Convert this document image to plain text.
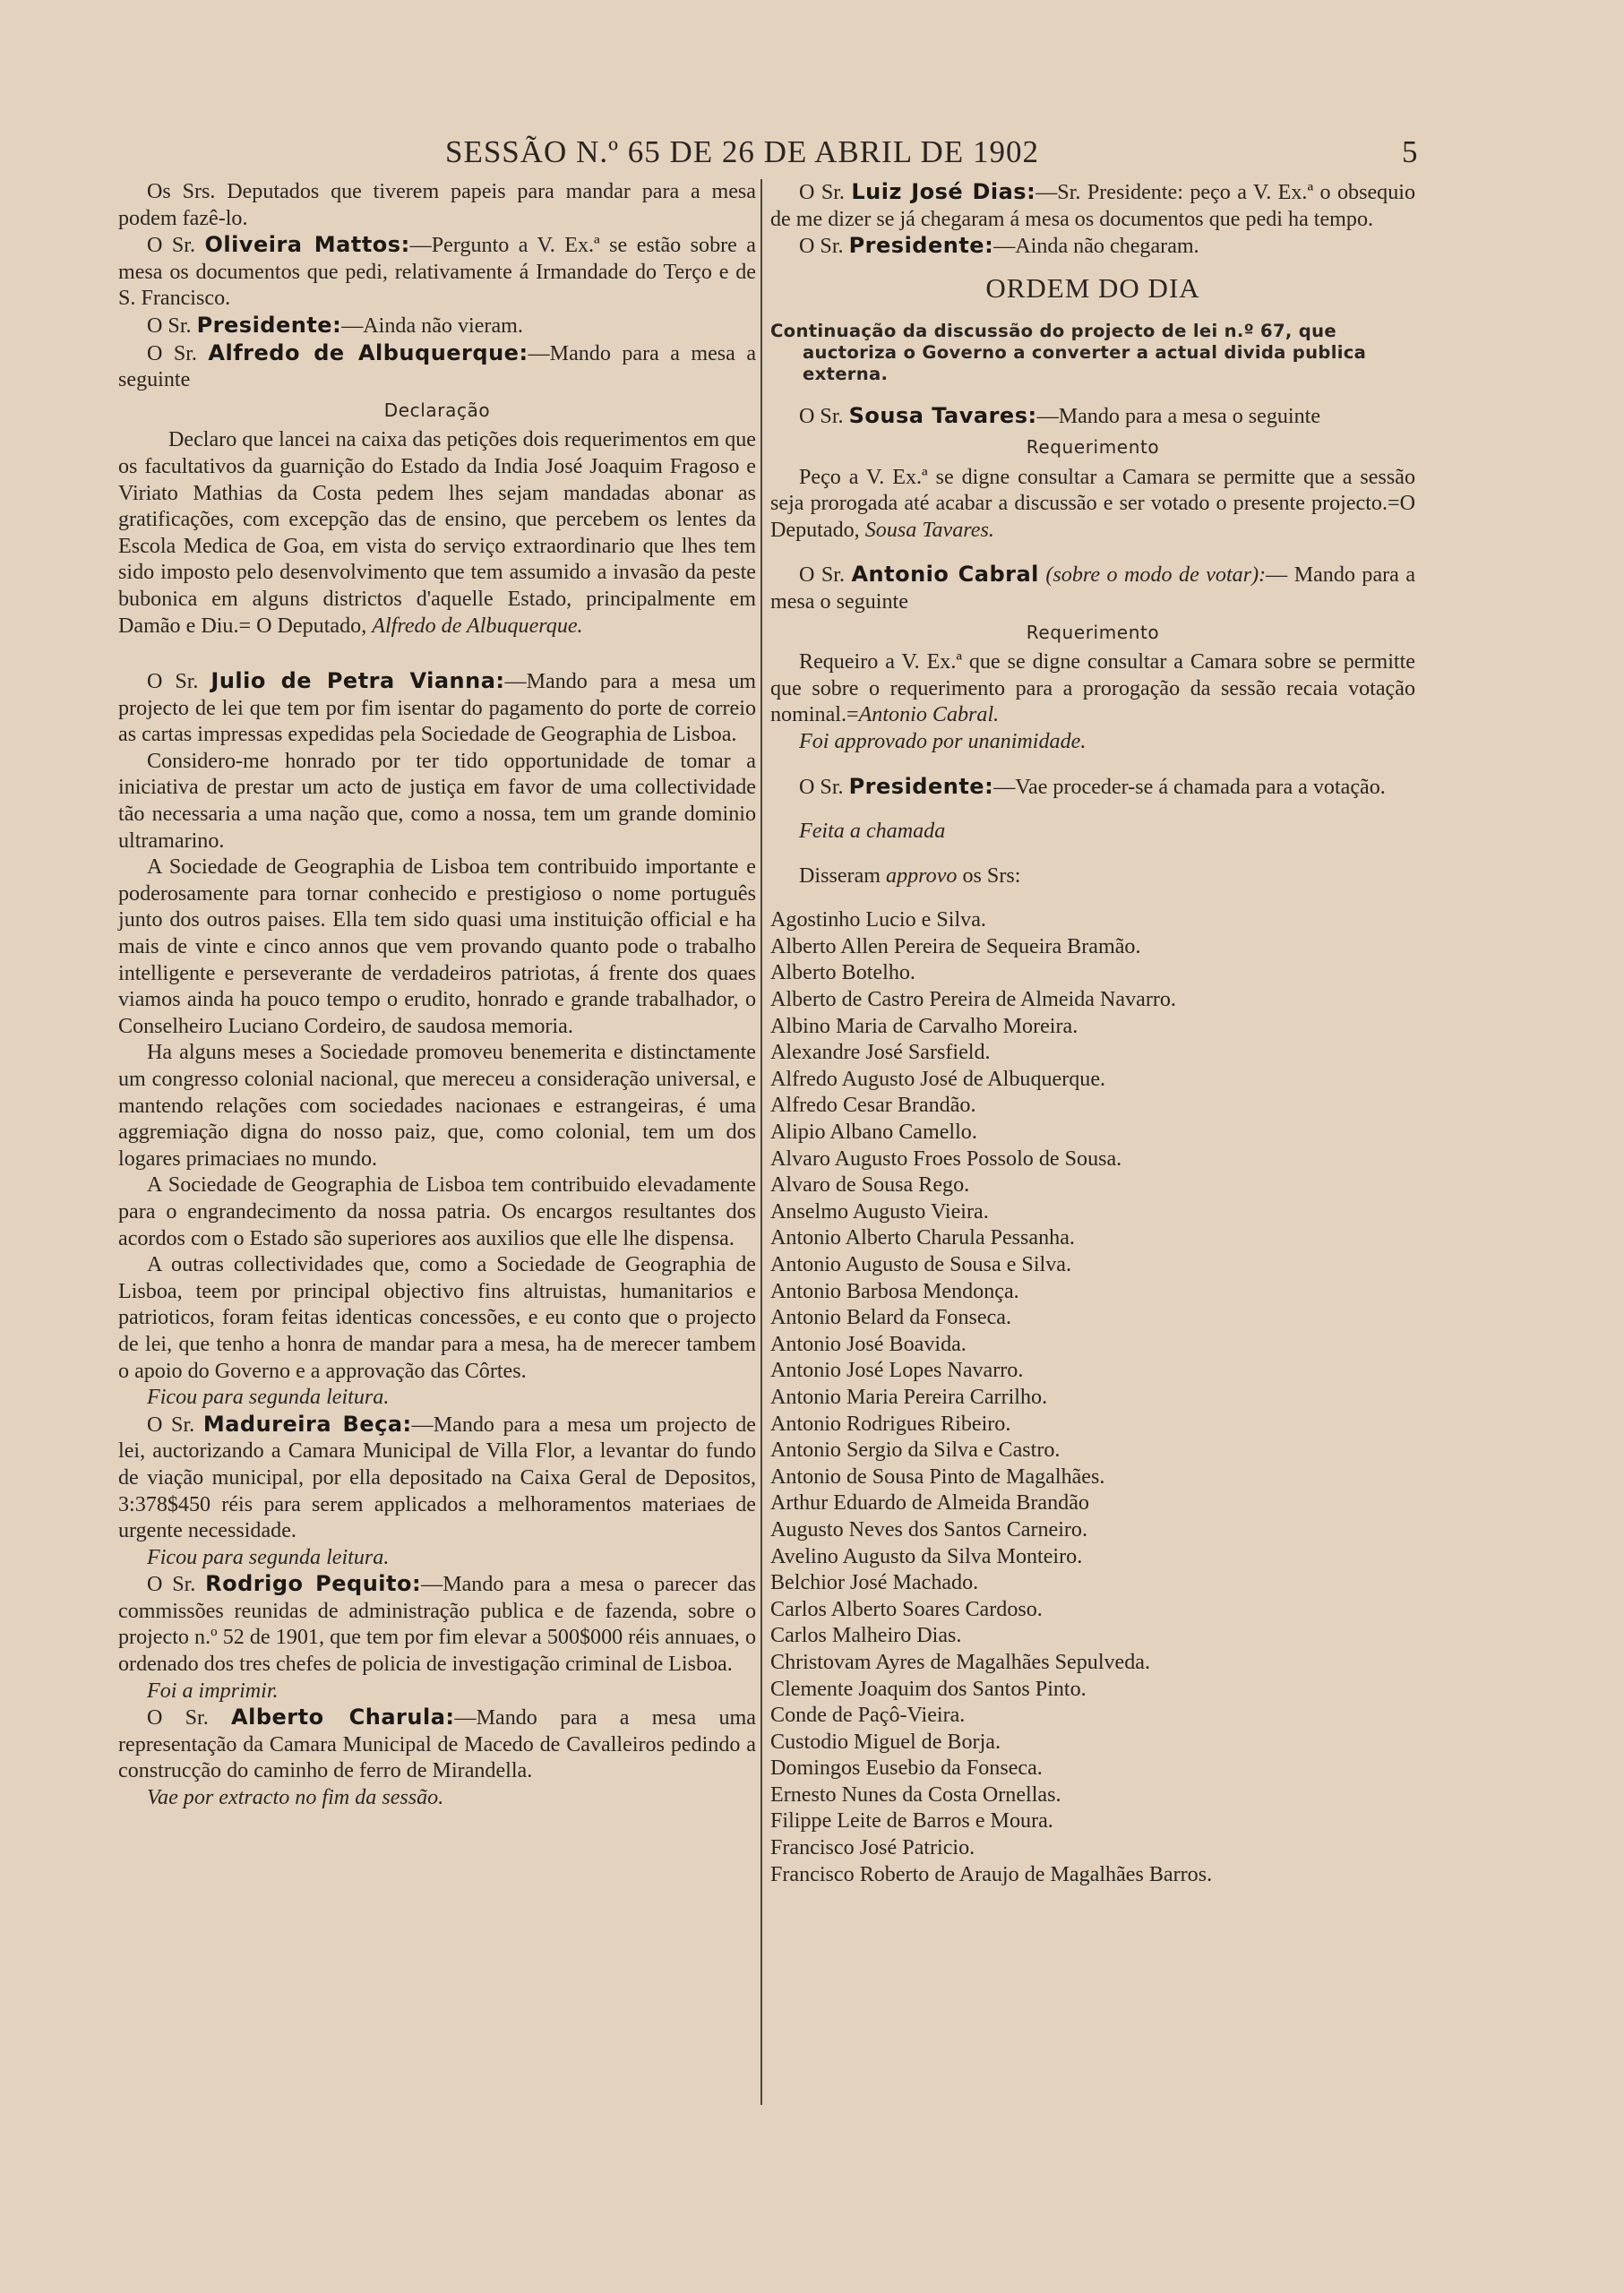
SESSÃO N.º 65 DE 26 DE ABRIL DE 1902	5

Os Srs. Deputados que tiverem papeis para mandar para a mesa podem fazê-lo.

O Sr. Oliveira Mattos:—Pergunto a V. Ex.ª se estão sobre a mesa os documentos que pedi, relativamente á Irmandade do Terço e de S. Francisco.

O Sr. Presidente:—Ainda não vieram.

O Sr. Alfredo de Albuquerque:—Mando para a mesa a seguinte

Declaração

Declaro que lancei na caixa das petições dois requerimentos em que os facultativos da guarnição do Estado da India José Joaquim Fragoso e Viriato Mathias da Costa pedem lhes sejam mandadas abonar as gratificações, com excepção das de ensino, que percebem os lentes da Escola Medica de Goa, em vista do serviço extraordinario que lhes tem sido imposto pelo desenvolvimento que tem assumido a invasão da peste bubonica em alguns districtos d'aquelle Estado, principalmente em Damão e Diu.= O Deputado, Alfredo de Albuquerque.

O Sr. Julio de Petra Vianna:—Mando para a mesa um projecto de lei que tem por fim isentar do pagamento do porte de correio as cartas impressas expedidas pela Sociedade de Geographia de Lisboa.

Considero-me honrado por ter tido opportunidade de tomar a iniciativa de prestar um acto de justiça em favor de uma collectividade tão necessaria a uma nação que, como a nossa, tem um grande dominio ultramarino.

A Sociedade de Geographia de Lisboa tem contribuido importante e poderosamente para tornar conhecido e prestigioso o nome português junto dos outros paises. Ella tem sido quasi uma instituição official e ha mais de vinte e cinco annos que vem provando quanto pode o trabalho intelligente e perseverante de verdadeiros patriotas, á frente dos quaes viamos ainda ha pouco tempo o erudito, honrado e grande trabalhador, o Conselheiro Luciano Cordeiro, de saudosa memoria.

Ha alguns meses a Sociedade promoveu benemerita e distinctamente um congresso colonial nacional, que mereceu a consideração universal, e mantendo relações com sociedades nacionaes e estrangeiras, é uma aggremiação digna do nosso paiz, que, como colonial, tem um dos logares primaciaes no mundo.

A Sociedade de Geographia de Lisboa tem contribuido elevadamente para o engrandecimento da nossa patria. Os encargos resultantes dos acordos com o Estado são superiores aos auxilios que elle lhe dispensa.

A outras collectividades que, como a Sociedade de Geographia de Lisboa, teem por principal objectivo fins altruistas, humanitarios e patrioticos, foram feitas identicas concessões, e eu conto que o projecto de lei, que tenho a honra de mandar para a mesa, ha de merecer tambem o apoio do Governo e a approvação das Côrtes.

Ficou para segunda leitura.

O Sr. Madureira Beça:—Mando para a mesa um projecto de lei, auctorizando a Camara Municipal de Villa Flor, a levantar do fundo de viação municipal, por ella depositado na Caixa Geral de Depositos, 3:378$450 réis para serem applicados a melhoramentos materiaes de urgente necessidade.

Ficou para segunda leitura.

O Sr. Rodrigo Pequito:—Mando para a mesa o parecer das commissões reunidas de administração publica e de fazenda, sobre o projecto n.º 52 de 1901, que tem por fim elevar a 500$000 réis annuaes, o ordenado dos tres chefes de policia de investigação criminal de Lisboa.

Foi a imprimir.

O Sr. Alberto Charula:—Mando para a mesa uma representação da Camara Municipal de Macedo de Cavalleiros pedindo a construcção do caminho de ferro de Mirandella.

Vae por extracto no fim da sessão.

O Sr. Luiz José Dias:—Sr. Presidente: peço a V. Ex.ª o obsequio de me dizer se já chegaram á mesa os documentos que pedi ha tempo.

O Sr. Presidente:—Ainda não chegaram.

ORDEM DO DIA

Continuação da discussão do projecto de lei n.º 67, que
auctoriza o Governo a converter a actual divida publica externa.

O Sr. Sousa Tavares:—Mando para a mesa o seguinte

Requerimento

Peço a V. Ex.ª se digne consultar a Camara se permitte que a sessão seja prorogada até acabar a discussão e ser votado o presente projecto.=O Deputado, Sousa Tavares.

O Sr. Antonio Cabral (sobre o modo de votar):— Mando para a mesa o seguinte

Requerimento

Requeiro a V. Ex.ª que se digne consultar a Camara sobre se permitte que sobre o requerimento para a prorogação da sessão recaia votação nominal.=Antonio Cabral.

Foi approvado por unanimidade.

O Sr. Presidente:—Vae proceder-se á chamada para a votação.

Feita a chamada

Disseram approvo os Srs:

Agostinho Lucio e Silva.

Alberto Allen Pereira de Sequeira Bramão.

Alberto Botelho.

Alberto de Castro Pereira de Almeida Navarro.

Albino Maria de Carvalho Moreira.

Alexandre José Sarsfield.

Alfredo Augusto José de Albuquerque.

Alfredo Cesar Brandão.

Alipio Albano Camello.

Alvaro Augusto Froes Possolo de Sousa.

Alvaro de Sousa Rego.

Anselmo Augusto Vieira.

Antonio Alberto Charula Pessanha.

Antonio Augusto de Sousa e Silva.

Antonio Barbosa Mendonça.

Antonio Belard da Fonseca.

Antonio José Boavida.

Antonio José Lopes Navarro.

Antonio Maria Pereira Carrilho.

Antonio Rodrigues Ribeiro.

Antonio Sergio da Silva e Castro.

Antonio de Sousa Pinto de Magalhães.

Arthur Eduardo de Almeida Brandão

Augusto Neves dos Santos Carneiro.

Avelino Augusto da Silva Monteiro.

Belchior José Machado.

Carlos Alberto Soares Cardoso.

Carlos Malheiro Dias.

Christovam Ayres de Magalhães Sepulveda.

Clemente Joaquim dos Santos Pinto.

Conde de Paçô-Vieira.

Custodio Miguel de Borja.

Domingos Eusebio da Fonseca.

Ernesto Nunes da Costa Ornellas.

Filippe Leite de Barros e Moura.

Francisco José Patricio.

Francisco Roberto de Araujo de Magalhães Barros.
